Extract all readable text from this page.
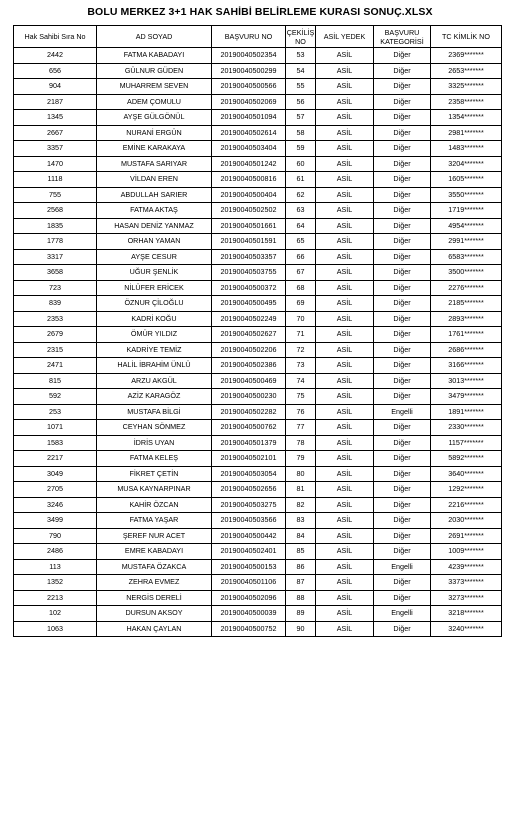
BOLU MERKEZ 3+1 HAK SAHİBİ BELİRLEME KURASI SONUÇ.XLSX
Hak Sahibi Sıra No	AD SOYAD	BAŞVURU NO	ÇEKİLİŞ NO	ASİL YEDEK	BAŞVURU KATEGORİSİ	TC KİMLİK NO
2442	FATMA KABADAYI	20190040502354	53	ASİL	Diğer	2369*******
656	GÜLNUR GÜDEN	20190040500299	54	ASİL	Diğer	2653*******
904	MUHARREM SEVEN	20190040500566	55	ASİL	Diğer	3325*******
2187	ADEM ÇOMULU	20190040502069	56	ASİL	Diğer	2358*******
1345	AYŞE GÜLGÖNÜL	20190040501094	57	ASİL	Diğer	1354*******
2667	NURANİ ERGÜN	20190040502614	58	ASİL	Diğer	2981*******
3357	EMİNE KARAKAYA	20190040503404	59	ASİL	Diğer	1483*******
1470	MUSTAFA SARIYAR	20190040501242	60	ASİL	Diğer	3204*******
1118	VİLDAN EREN	20190040500816	61	ASİL	Diğer	1605*******
755	ABDULLAH SARIER	20190040500404	62	ASİL	Diğer	3550*******
2568	FATMA AKTAŞ	20190040502502	63	ASİL	Diğer	1719*******
1835	HASAN DENİZ YANMAZ	20190040501661	64	ASİL	Diğer	4954*******
1778	ORHAN YAMAN	20190040501591	65	ASİL	Diğer	2991*******
3317	AYŞE CESUR	20190040503357	66	ASİL	Diğer	6583*******
3658	UĞUR ŞENLİK	20190040503755	67	ASİL	Diğer	3500*******
723	NİLÜFER ERİCEK	20190040500372	68	ASİL	Diğer	2276*******
839	ÖZNUR ÇİLOĞLU	20190040500495	69	ASİL	Diğer	2185*******
2353	KADRİ KOĞU	20190040502249	70	ASİL	Diğer	2893*******
2679	ÖMÜR YILDIZ	20190040502627	71	ASİL	Diğer	1761*******
2315	KADRİYE TEMİZ	20190040502206	72	ASİL	Diğer	2686*******
2471	HALİL İBRAHİM ÜNLÜ	20190040502386	73	ASİL	Diğer	3166*******
815	ARZU AKGÜL	20190040500469	74	ASİL	Diğer	3013*******
592	AZİZ KARAGÖZ	20190040500230	75	ASİL	Diğer	3479*******
253	MUSTAFA BİLGİ	20190040502282	76	ASİL	Engelli	1891*******
1071	CEYHAN SÖNMEZ	20190040500762	77	ASİL	Diğer	2330*******
1583	İDRİS UYAN	20190040501379	78	ASİL	Diğer	1157*******
2217	FATMA KELEŞ	20190040502101	79	ASİL	Diğer	5892*******
3049	FİKRET ÇETİN	20190040503054	80	ASİL	Diğer	3640*******
2705	MUSA KAYNARPINAR	20190040502656	81	ASİL	Diğer	1292*******
3246	KAHİR ÖZCAN	20190040503275	82	ASİL	Diğer	2216*******
3499	FATMA YAŞAR	20190040503566	83	ASİL	Diğer	2030*******
790	ŞEREF NUR ACET	20190040500442	84	ASİL	Diğer	2691*******
2486	EMRE KABADAYI	20190040502401	85	ASİL	Diğer	1009*******
113	MUSTAFA ÖZAKCA	20190040500153	86	ASİL	Engelli	4239*******
1352	ZEHRA EVMEZ	20190040501106	87	ASİL	Diğer	3373*******
2213	NERGİS DERELİ	20190040502096	88	ASİL	Diğer	3273*******
102	DURSUN AKSOY	20190040500039	89	ASİL	Engelli	3218*******
1063	HAKAN ÇAYLAN	20190040500752	90	ASİL	Diğer	3240*******
